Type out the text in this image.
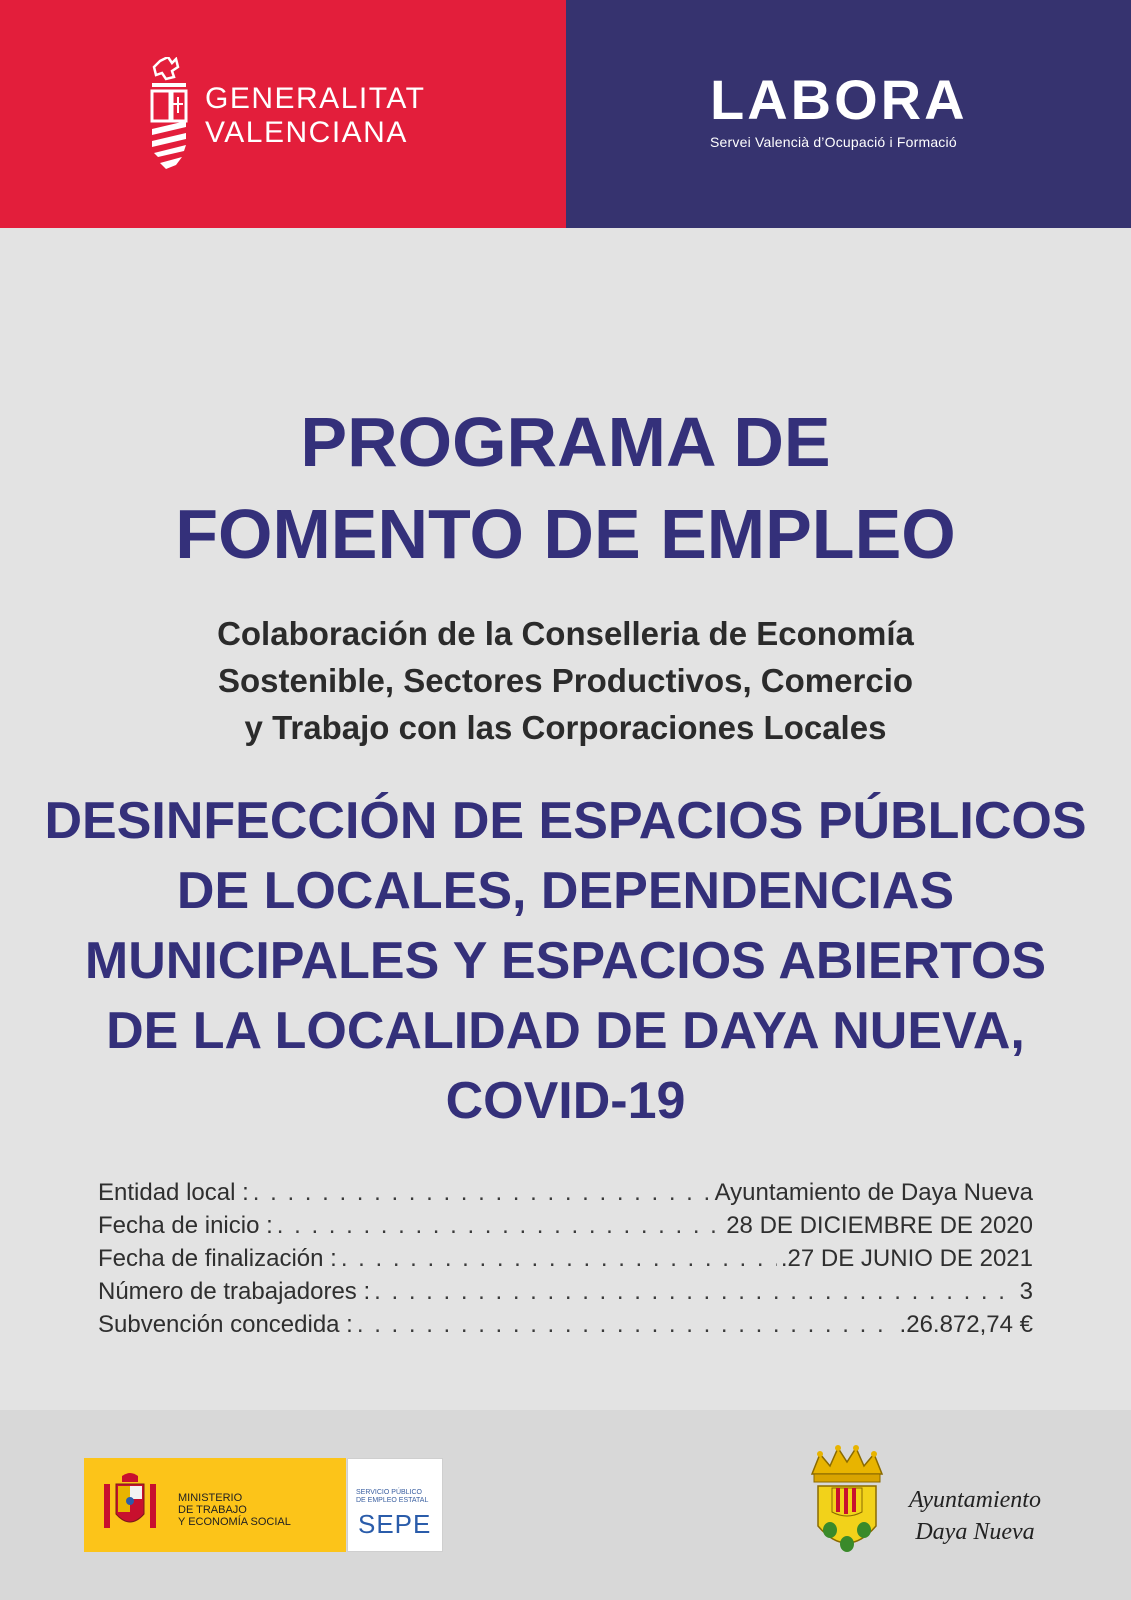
GENERALITAT
VALENCIANA
LABORA
Servei Valencià d’Ocupació i Formació
PROGRAMA DE
FOMENTO DE EMPLEO

Colaboración de la Conselleria de Economía
Sostenible, Sectores Productivos, Comercio
y Trabajo con las Corporaciones Locales

DESINFECCIÓN DE ESPACIOS PÚBLICOS
DE LOCALES, DEPENDENCIAS
MUNICIPALES Y ESPACIOS ABIERTOS
DE LA LOCALIDAD DE DAYA NUEVA,
COVID-19
Entidad local : . . .	Ayuntamiento de Daya Nueva
Fecha de inicio : . . .	28 DE DICIEMBRE DE 2020
Fecha de finalización : . . .	.27 DE JUNIO DE 2021
Número de trabajadores : . . .	3
Subvención concedida : . . .	.26.872,74 €
MINISTERIO
DE TRABAJO
Y ECONOMÍA SOCIAL
SERVICIO PÚBLICO
DE EMPLEO ESTATAL
SEPE
Ayuntamiento
Daya Nueva
